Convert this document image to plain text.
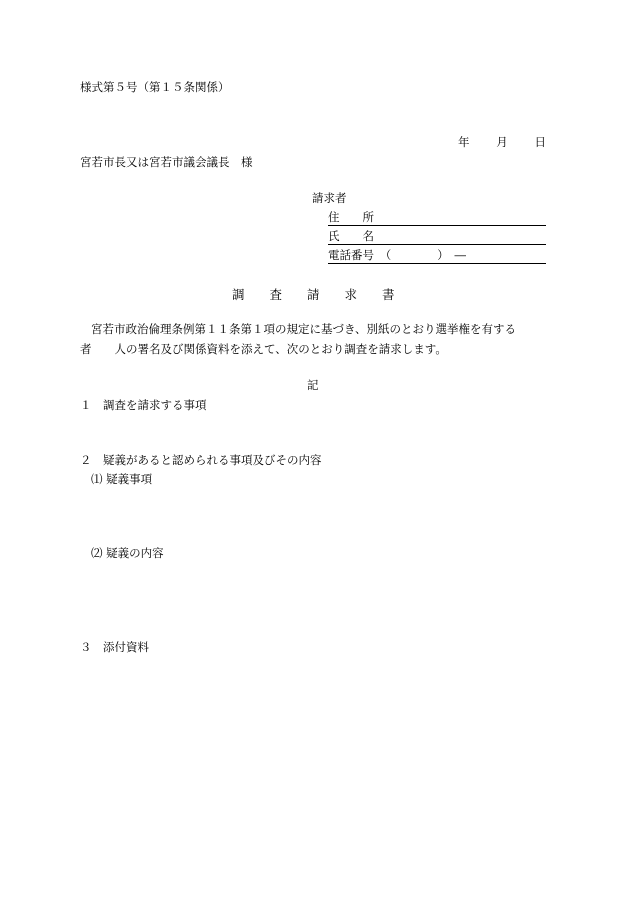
様式第５号（第１５条関係）
年 月 日
宮若市長又は宮若市議会議長　様
請求者
住　　所
氏　　名
電話番号　（　　　　）　―
調　　査　　請　　求　　書
宮若市政治倫理条例第１１条第１項の規定に基づき、別紙のとおり選挙権を有する
者　　人の署名及び関係資料を添えて、次のとおり調査を請求します。
記
１　調査を請求する事項
２　疑義があると認められる事項及びその内容
⑴ 疑義事項
⑵ 疑義の内容
３　添付資料
